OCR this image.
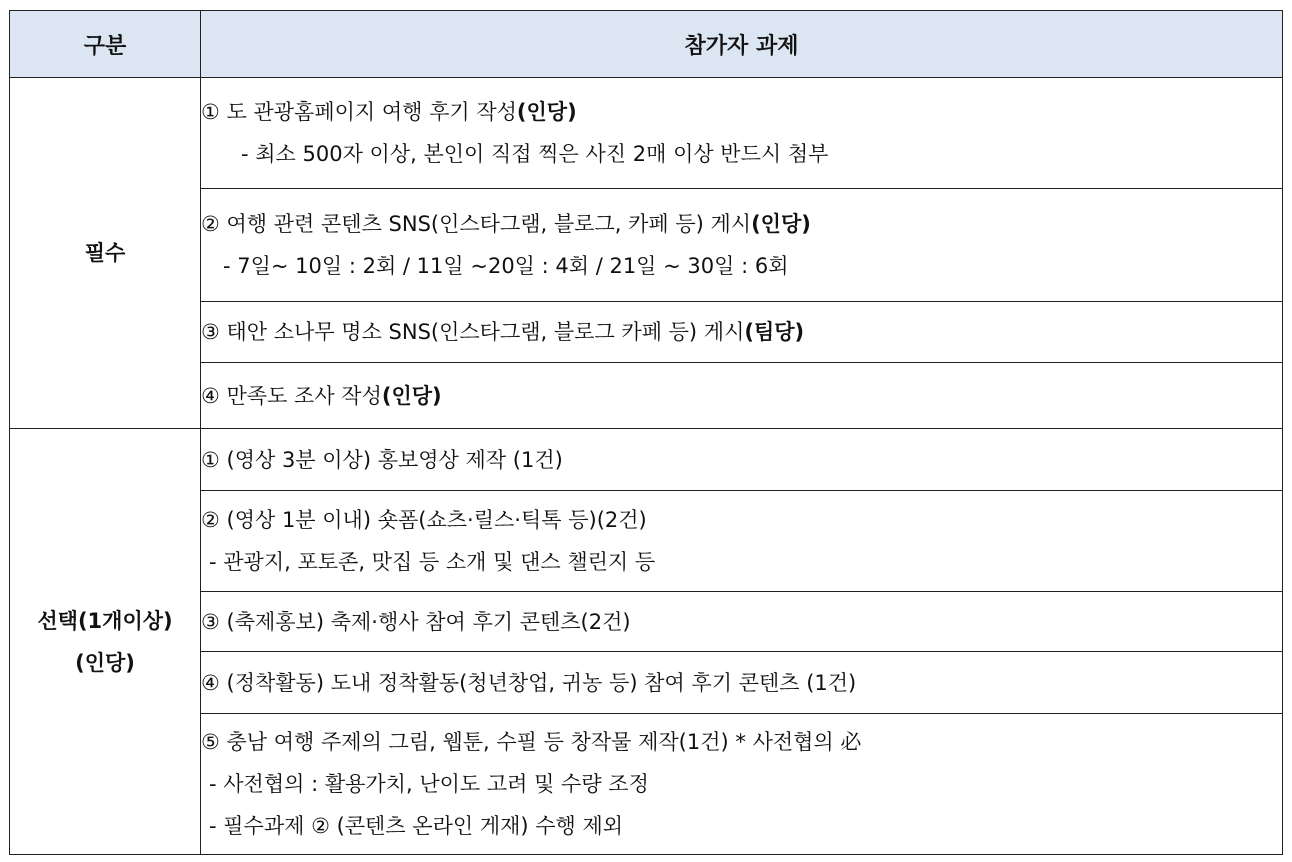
구분	참가자 과제
필수	① 도 관광홈페이지 여행 후기 작성(인당)
- 최소 500자 이상, 본인이 직접 찍은 사진 2매 이상 반드시 첨부

	② 여행 관련 콘텐츠 SNS(인스타그램, 블로그, 카페 등) 게시(인당)
- 7일~ 10일 : 2회 / 11일 ~20일 : 4회 / 21일 ~ 30일 : 6회

	③ 태안 소나무 명소 SNS(인스타그램, 블로그 카페 등) 게시(팀당)

	④ 만족도 조사 작성(인당)

선택(1개이상)
(인당)	① (영상 3분 이상) 홍보영상 제작 (1건)

	② (영상 1분 이내) 숏폼(쇼츠·릴스·틱톡 등)(2건)
- 관광지, 포토존, 맛집 등 소개 및 댄스 챌린지 등

	③ (축제홍보) 축제·행사 참여 후기 콘텐츠(2건)

	④ (정착활동) 도내 정착활동(청년창업, 귀농 등) 참여 후기 콘텐츠 (1건)

	⑤ 충남 여행 주제의 그림, 웹툰, 수필 등 창작물 제작(1건) * 사전협의 必
- 사전협의 : 활용가치, 난이도 고려 및 수량 조정
- 필수과제 ② (콘텐츠 온라인 게재) 수행 제외
